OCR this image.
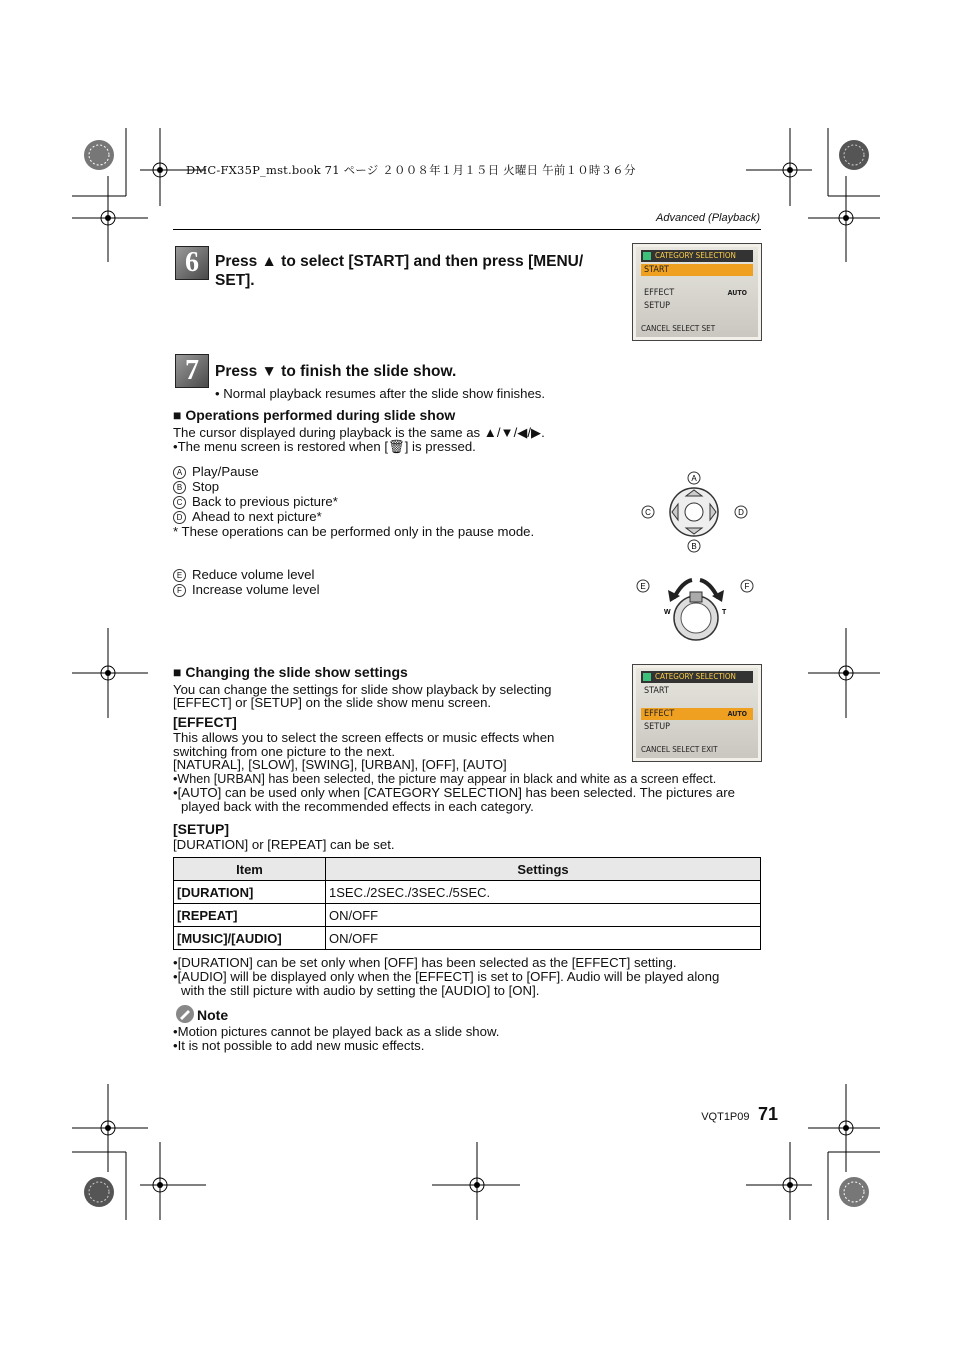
DMC-FX35P_mst.book 71 ページ ２００８年１月１５日 火曜日 午前１０時３６分
Advanced (Playback)
6	Press ▲ to select [START] and then press [MENU/
SET].
CATEGORY SELECTION
START
EFFECT	AUTO
SETUP
CANCEL SELECT SET
7	Press ▼ to finish the slide show.
• Normal playback resumes after the slide show finishes.
■ Operations performed during slide show
The cursor displayed during playback is the same as ▲/▼/◀/▶.
•The menu screen is restored when [🗑] is pressed.
A Play/Pause
B Stop
C Back to previous picture*
D Ahead to next picture*
* These operations can be performed only in the pause mode.
E Reduce volume level
F Increase volume level
A
B
C	D
W	T
E	F
■ Changing the slide show settings
You can change the settings for slide show playback by selecting
[EFFECT] or [SETUP] on the slide show menu screen.
[EFFECT]
This allows you to select the screen effects or music effects when
switching from one picture to the next.
[NATURAL], [SLOW], [SWING], [URBAN], [OFF], [AUTO]
•When [URBAN] has been selected, the picture may appear in black and white as a screen effect.
•[AUTO] can be used only when [CATEGORY SELECTION] has been selected. The pictures are
played back with the recommended effects in each category.
[SETUP]
[DURATION] or [REPEAT] can be set.
CATEGORY SELECTION
START
EFFECT	AUTO
SETUP
CANCEL SELECT EXIT
Item	Settings
[DURATION]	1SEC./2SEC./3SEC./5SEC.
[REPEAT]	ON/OFF
[MUSIC]/[AUDIO]	ON/OFF
•[DURATION] can be set only when [OFF] has been selected as the [EFFECT] setting.
•[AUDIO] will be displayed only when the [EFFECT] is set to [OFF]. Audio will be played along
with the still picture with audio by setting the [AUDIO] to [ON].
Note
•Motion pictures cannot be played back as a slide show.
•It is not possible to add new music effects.
VQT1P09 71
